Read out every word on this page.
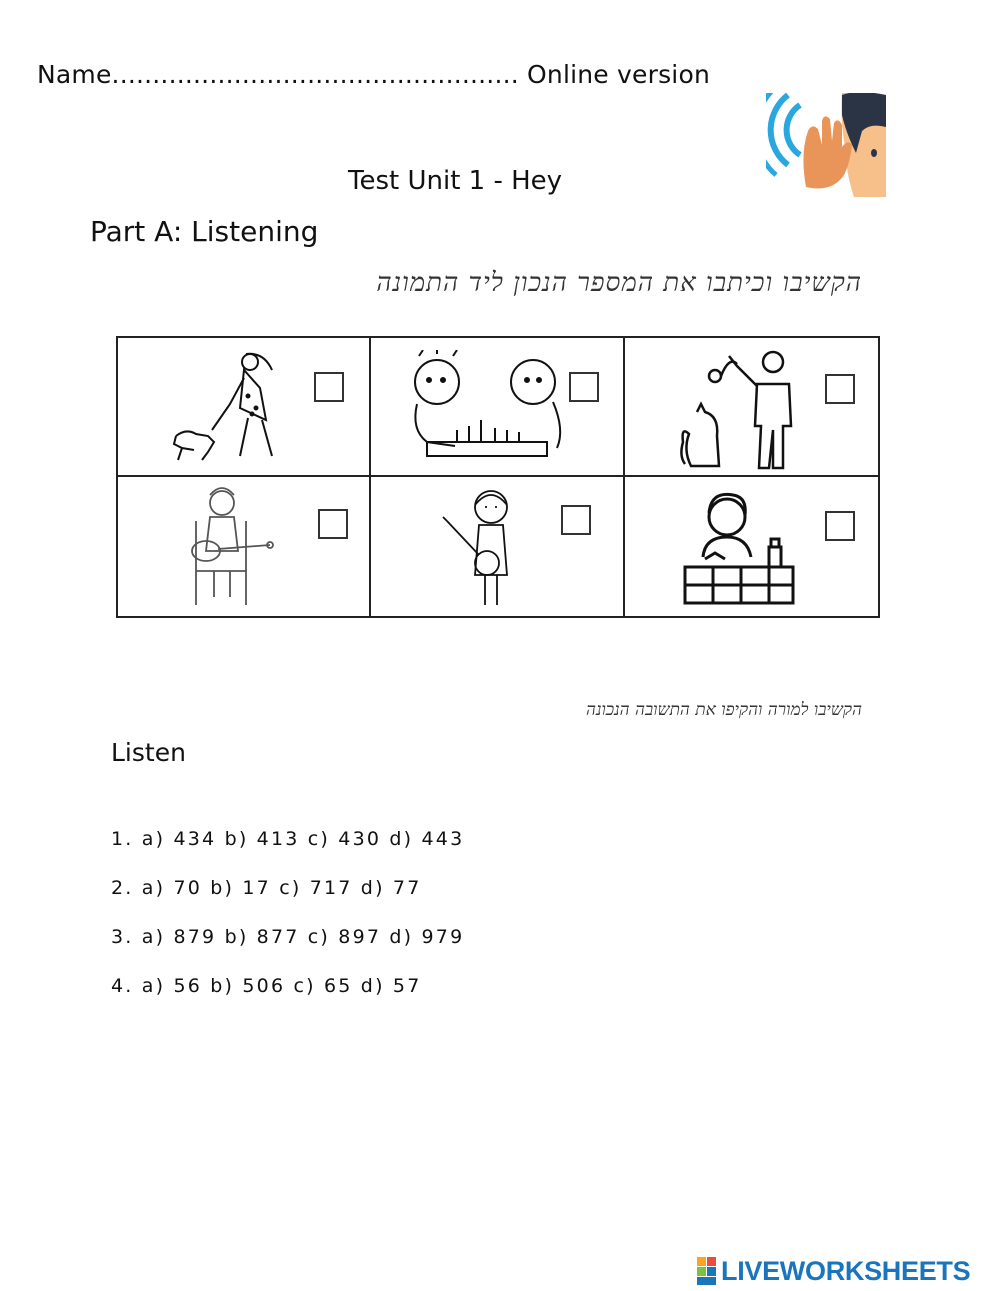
Name.................................................. Online version
Test Unit 1 - Hey
Part A: Listening
הקשיבו וכיתבו את המספר הנכון ליד התמונה
הקשיבו למורה והקיפו את התשובה הנכונה
Listen
1. a) 434 b) 413 c) 430 d) 443
2. a) 70 b) 17 c) 717 d) 77
3. a) 879 b) 877 c) 897 d) 979
4. a) 56 b) 506 c) 65 d) 57
LIVEWORKSHEETS
